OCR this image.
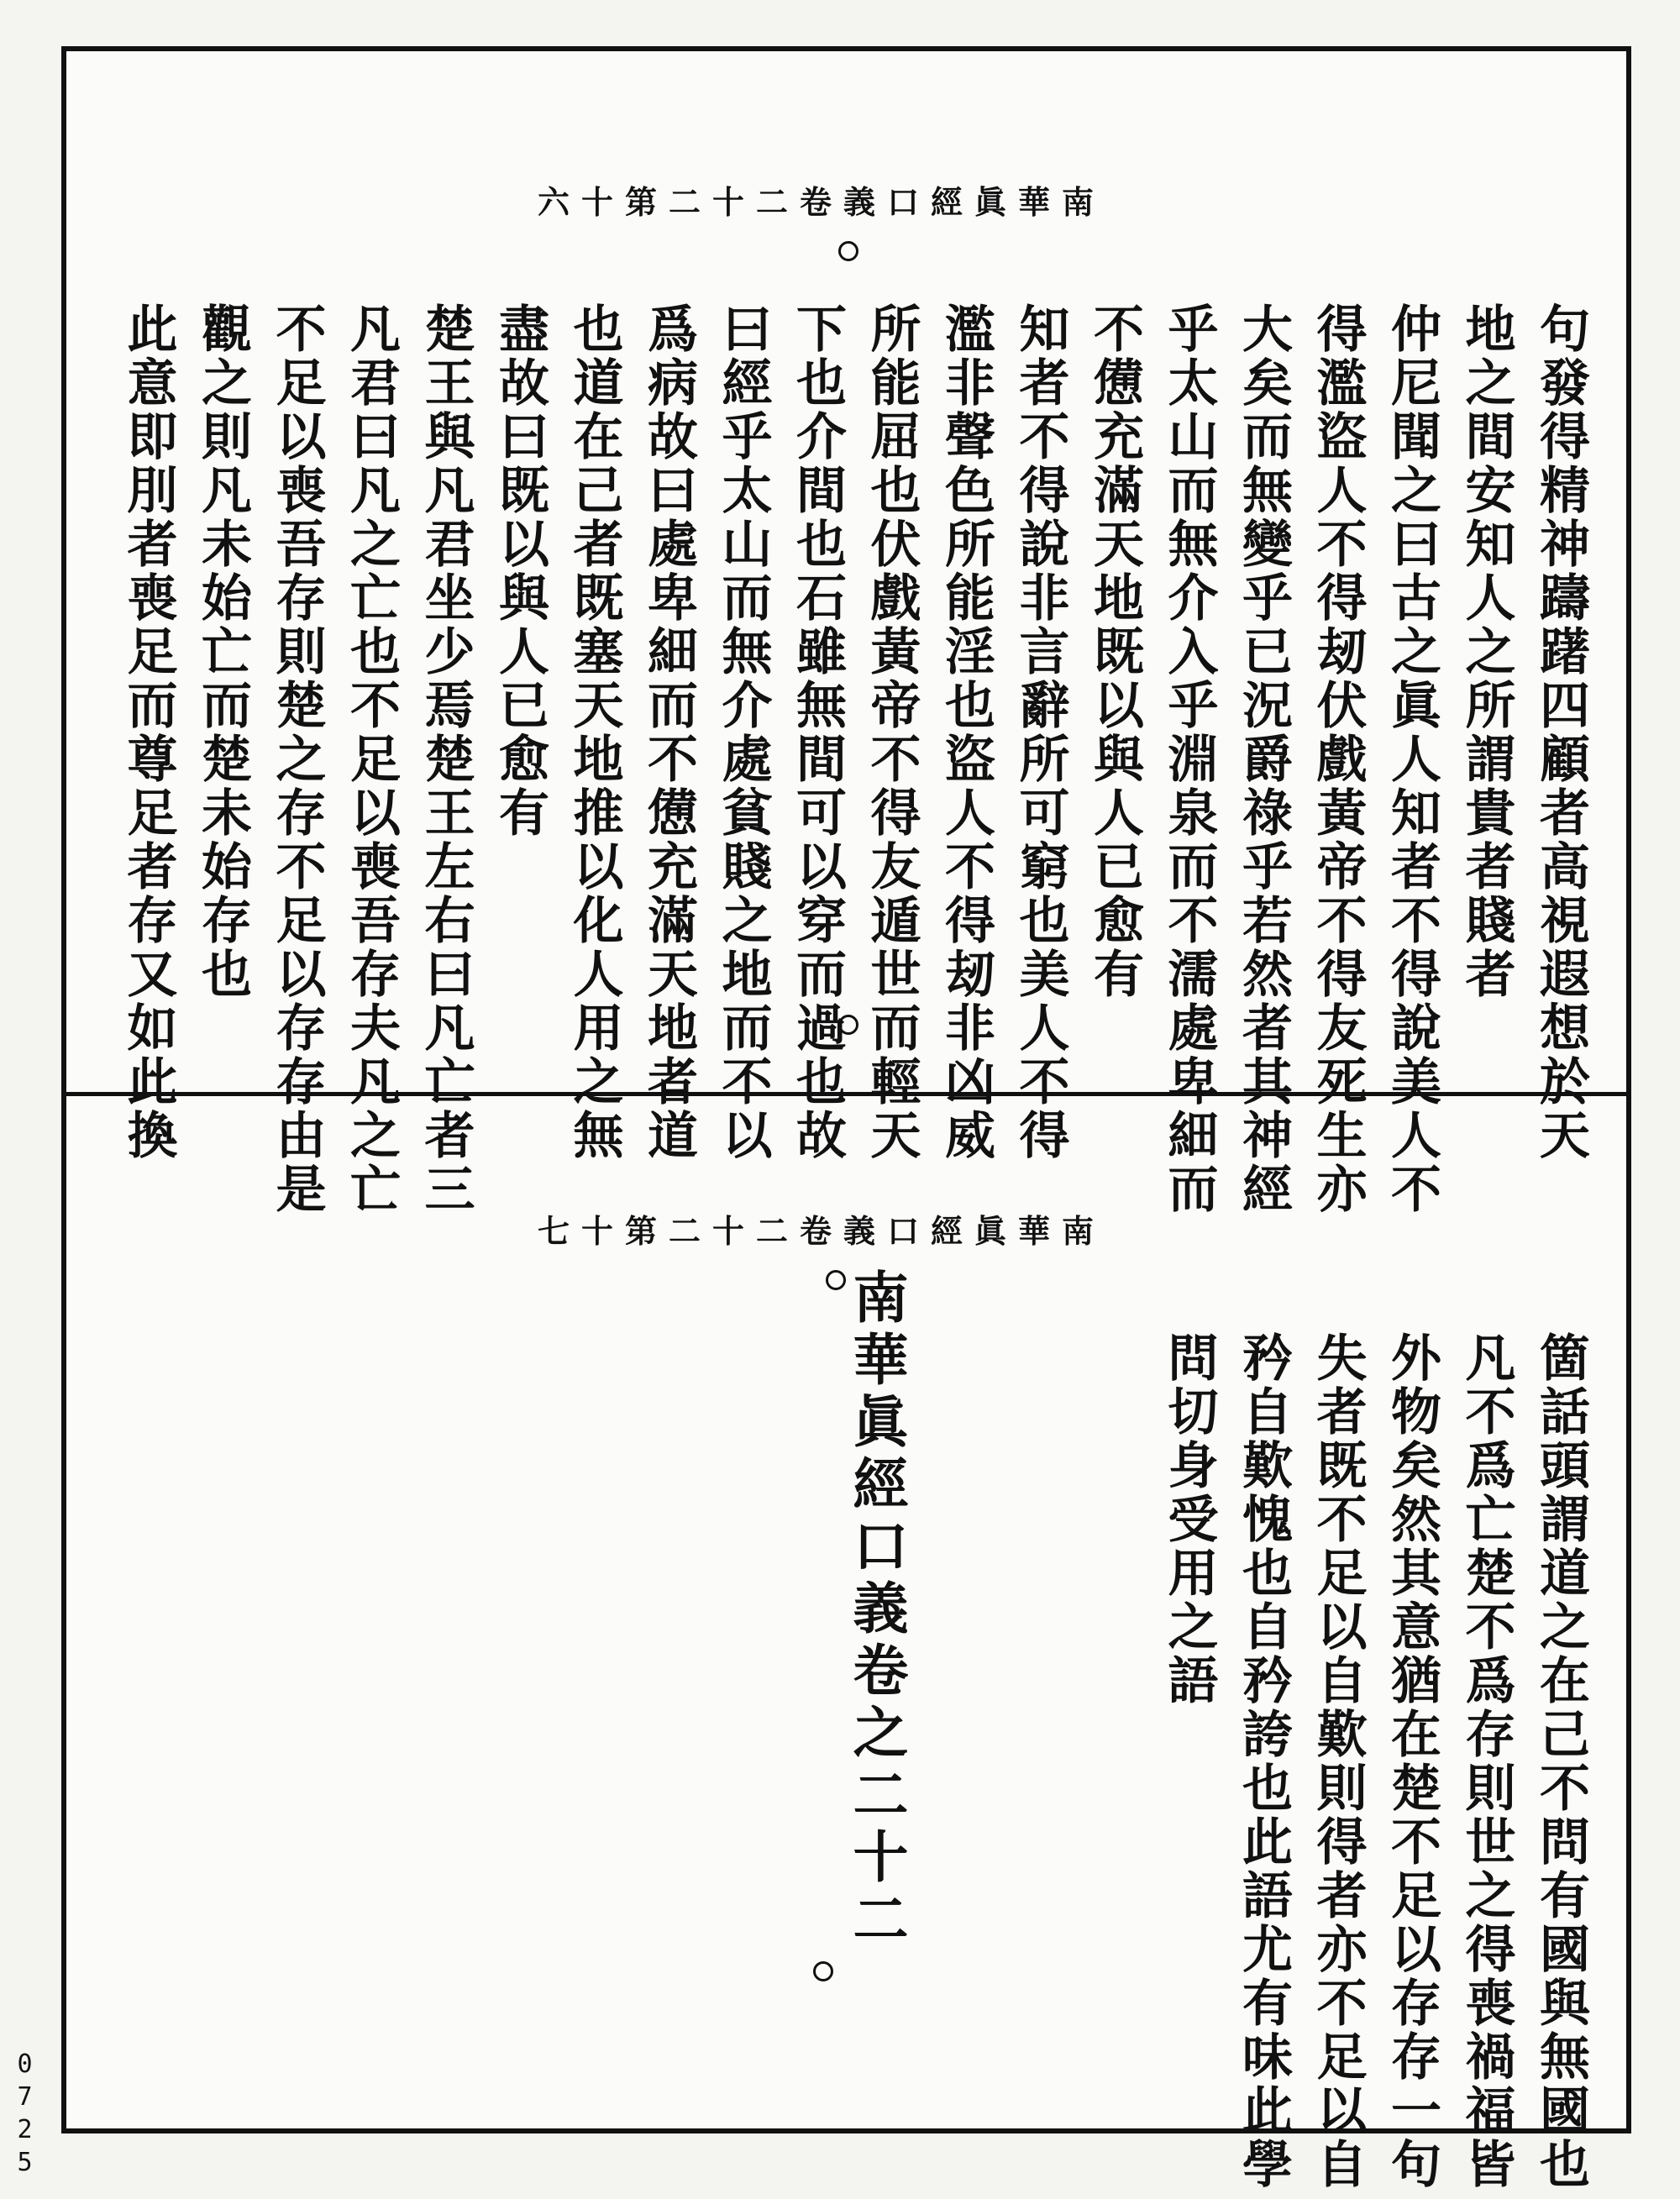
南華眞經口義卷二十二第十六
句發得精神躊躇四顧者高視遐想於天
地之間安知人之所謂貴者賤者
仲尼聞之曰古之眞人知者不得說美人不
得濫盜人不得刼伏戲黃帝不得友死生亦
大矣而無變乎已況爵祿乎若然者其神經
乎太山而無介入乎淵泉而不濡處卑細而
不憊充滿天地既以與人已愈有
知者不得說非言辭所可窮也美人不得
濫非聲色所能淫也盜人不得刼非凶威
所能屈也伏戲黃帝不得友遁世而輕天
下也介間也石雖無間可以穿而過也故
曰經乎太山而無介處貧賤之地而不以
爲病故曰處卑細而不憊充滿天地者道
也道在己者既塞天地推以化人用之無
盡故曰既以與人已愈有
楚王與凡君坐少焉楚王左右曰凡亡者三
凡君曰凡之亡也不足以喪吾存夫凡之亡
不足以喪吾存則楚之存不足以存存由是
觀之則凡未始亡而楚未始存也
此意即刖者喪足而尊足者存又如此換
南華眞經口義卷二十二第十七
箇話頭謂道之在己不問有國與無國也
凡不爲亡楚不爲存則世之得喪禍福皆
外物矣然其意猶在楚不足以存存一句
失者既不足以自歎則得者亦不足以自
矜自歎愧也自矜誇也此語尤有味此學
問切身受用之語
南華眞經口義卷之二十二
0725
